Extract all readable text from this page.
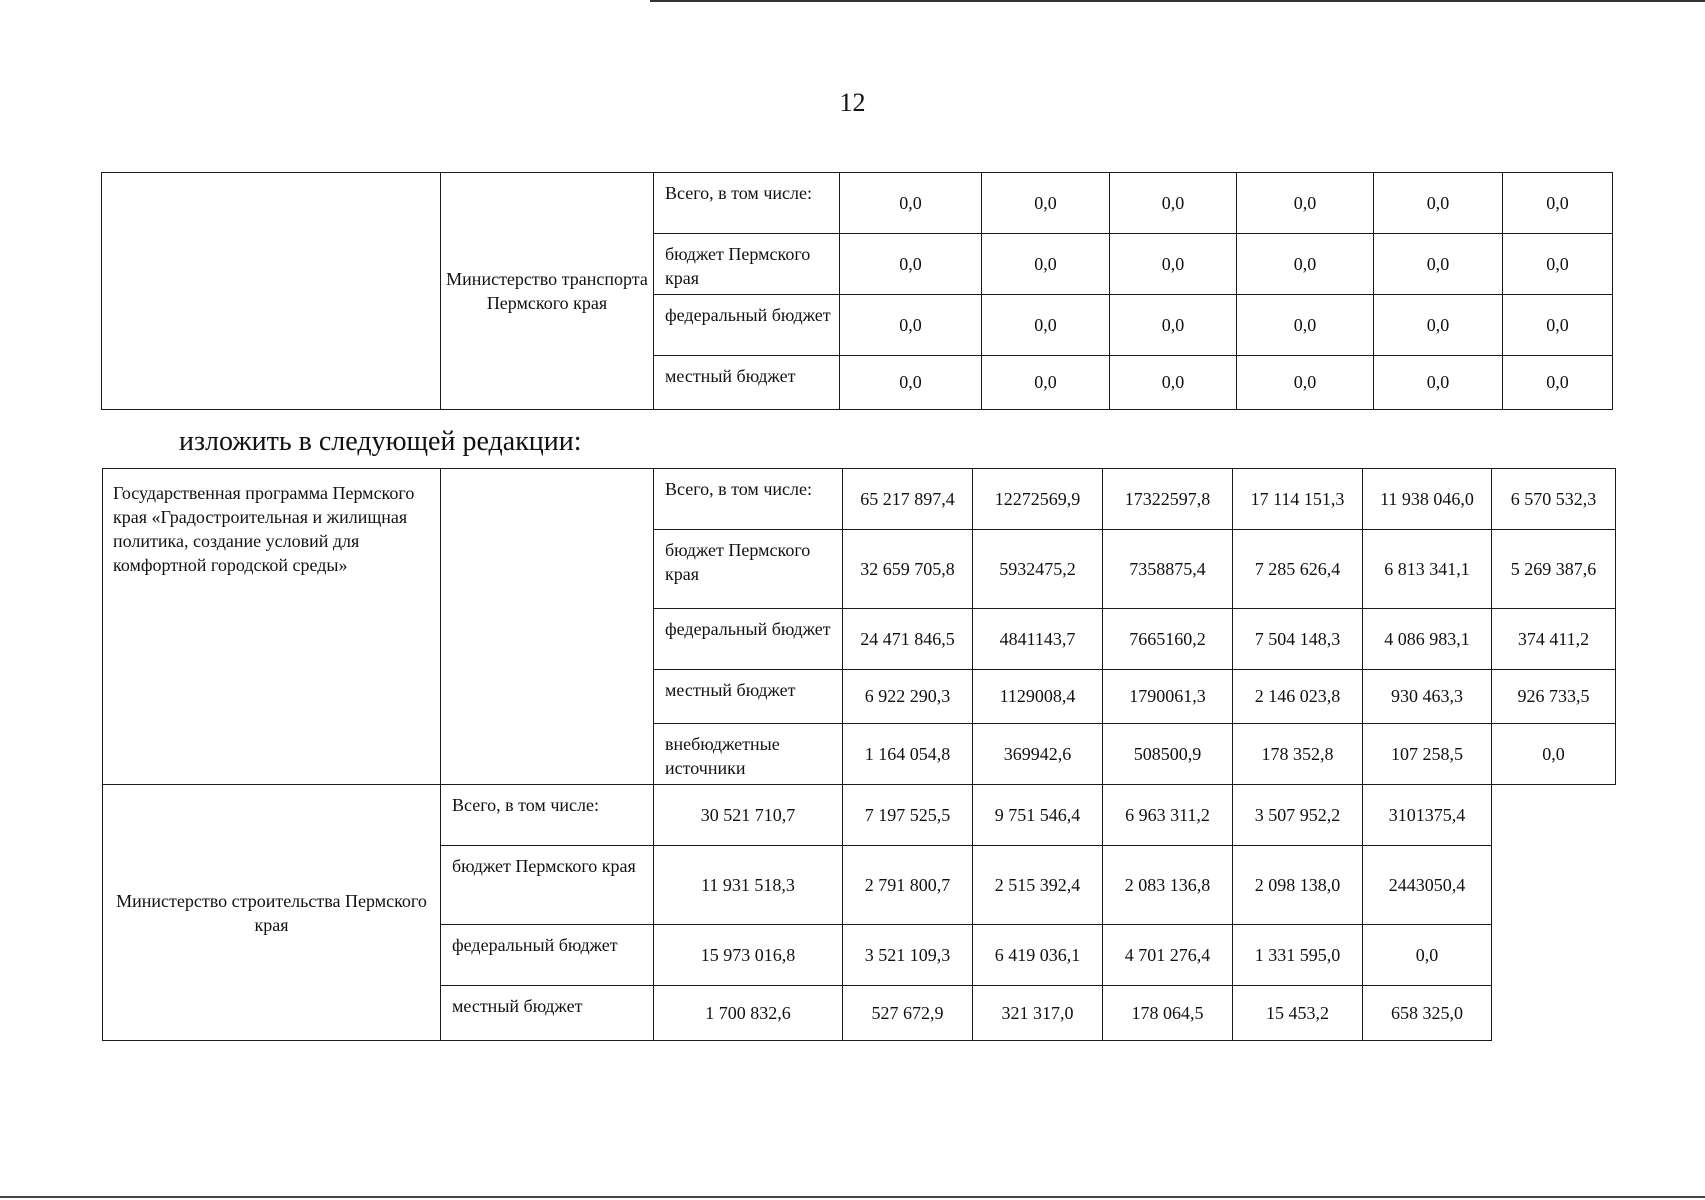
12
	Министерство транспорта Пермского края	Всего, в том числе:	0,0	0,0	0,0	0,0	0,0	0,0
		бюджет Пермского края	0,0	0,0	0,0	0,0	0,0	0,0
		федеральный бюджет	0,0	0,0	0,0	0,0	0,0	0,0
		местный бюджет	0,0	0,0	0,0	0,0	0,0	0,0
изложить в следующей редакции:
Государственная программа Пермского края «Градостроительная и жилищная политика, создание условий для комфортной городской среды»		Всего, в том числе:	65 217 897,4	12272569,9	17322597,8	17 114 151,3	11 938 046,0	6 570 532,3
		бюджет Пермского края	32 659 705,8	5932475,2	7358875,4	7 285 626,4	6 813 341,1	5 269 387,6
		федеральный бюджет	24 471 846,5	4841143,7	7665160,2	7 504 148,3	4 086 983,1	374 411,2
		местный бюджет	6 922 290,3	1129008,4	1790061,3	2 146 023,8	930 463,3	926 733,5
		внебюджетные источники	1 164 054,8	369942,6	508500,9	178 352,8	107 258,5	0,0
Министерство строительства Пермского края	Всего, в том числе:	30 521 710,7	7 197 525,5	9 751 546,4	6 963 311,2	3 507 952,2	3101375,4	
	бюджет Пермского края	11 931 518,3	2 791 800,7	2 515 392,4	2 083 136,8	2 098 138,0	2443050,4	
	федеральный бюджет	15 973 016,8	3 521 109,3	6 419 036,1	4 701 276,4	1 331 595,0	0,0	
	местный бюджет	1 700 832,6	527 672,9	321 317,0	178 064,5	15 453,2	658 325,0	
